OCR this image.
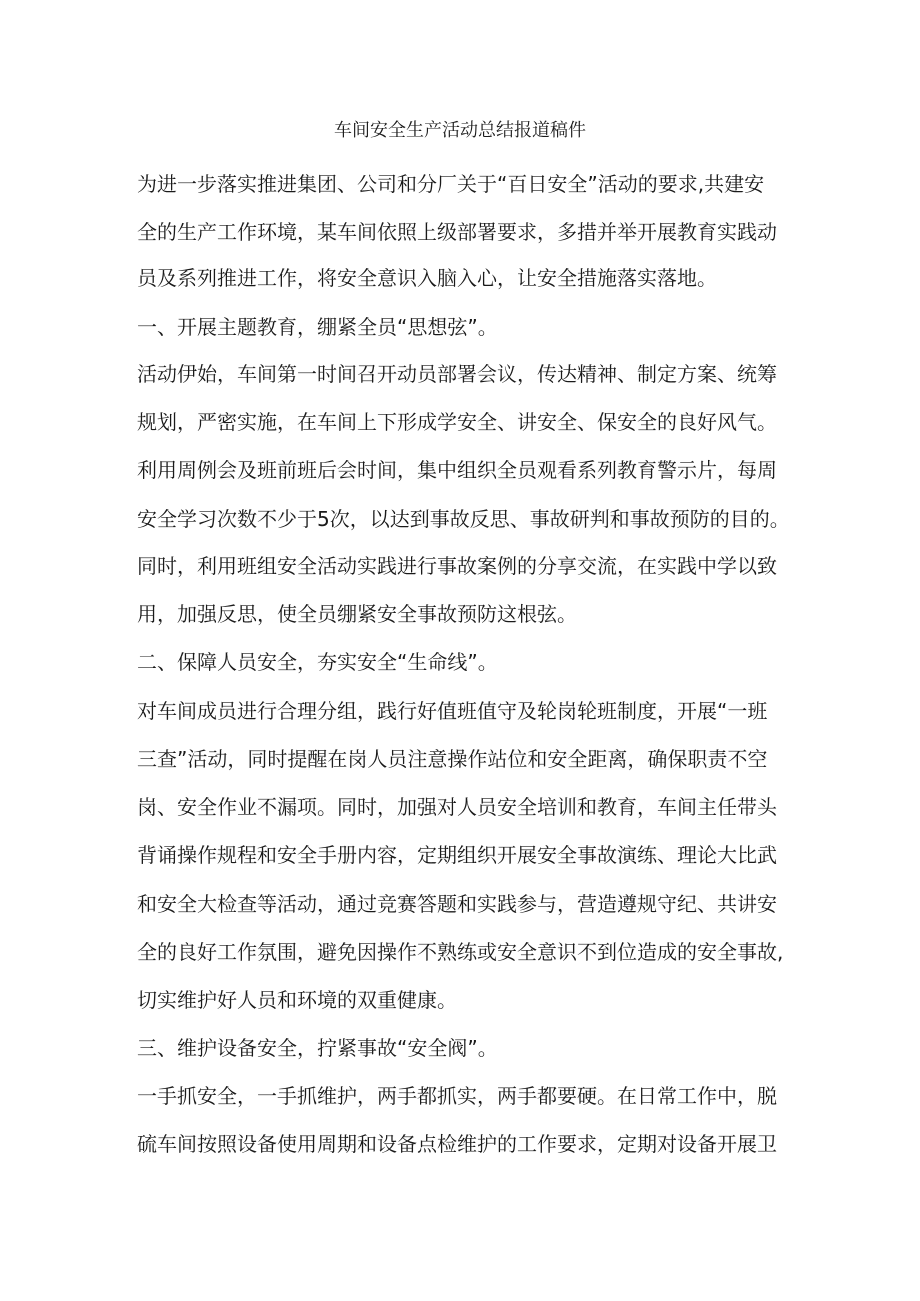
车间安全生产活动总结报道稿件
为进一步落实推进集团、公司和分厂关于“百日安全”活动的要求,共建安
全的生产工作环境，某车间依照上级部署要求，多措并举开展教育实践动
员及系列推进工作，将安全意识入脑入心，让安全措施落实落地。
一、开展主题教育，绷紧全员“思想弦”。
活动伊始，车间第一时间召开动员部署会议，传达精神、制定方案、统筹
规划，严密实施，在车间上下形成学安全、讲安全、保安全的良好风气。
利用周例会及班前班后会时间，集中组织全员观看系列教育警示片，每周
安全学习次数不少于5次，以达到事故反思、事故研判和事故预防的目的。
同时，利用班组安全活动实践进行事故案例的分享交流，在实践中学以致
用，加强反思，使全员绷紧安全事故预防这根弦。
二、保障人员安全，夯实安全“生命线”。
对车间成员进行合理分组，践行好值班值守及轮岗轮班制度，开展“一班
三查”活动，同时提醒在岗人员注意操作站位和安全距离，确保职责不空
岗、安全作业不漏项。同时，加强对人员安全培训和教育，车间主任带头
背诵操作规程和安全手册内容，定期组织开展安全事故演练、理论大比武
和安全大检查等活动，通过竞赛答题和实践参与，营造遵规守纪、共讲安
全的良好工作氛围，避免因操作不熟练或安全意识不到位造成的安全事故,
切实维护好人员和环境的双重健康。
三、维护设备安全，拧紧事故“安全阀”。
一手抓安全，一手抓维护，两手都抓实，两手都要硬。在日常工作中，脱
硫车间按照设备使用周期和设备点检维护的工作要求，定期对设备开展卫
